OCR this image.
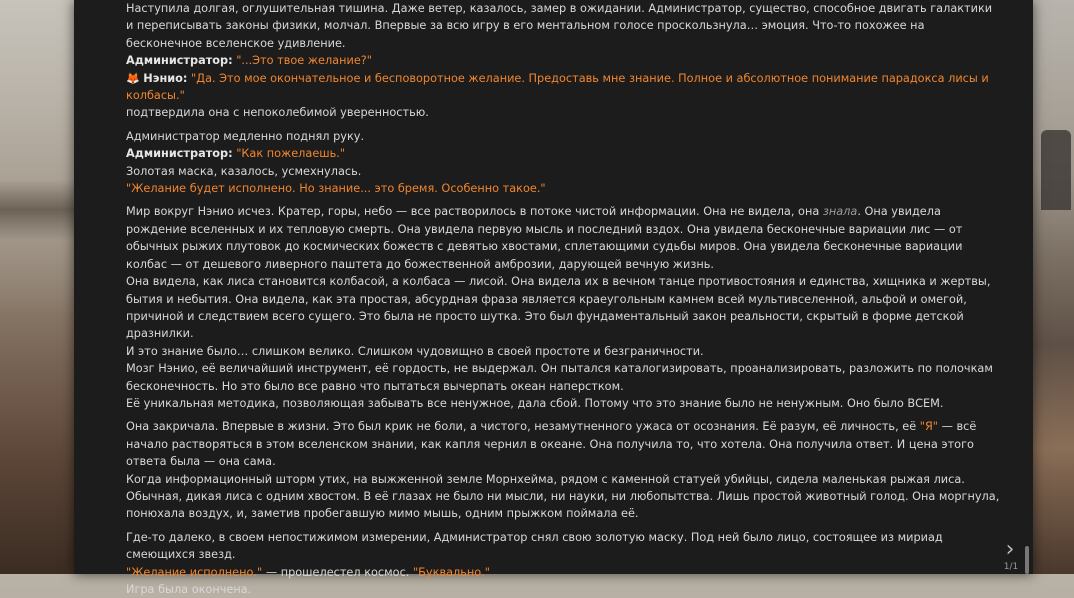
Наступила долгая, оглушительная тишина. Даже ветер, казалось, замер в ожидании. Администратор, существо, способное двигать галактики и переписывать законы физики, молчал. Впервые за всю игру в его ментальном голосе проскользнула… эмоция. Что-то похожее на бесконечное вселенское удивление.

Администратор: "...Это твое желание?"

🦊 Нэнио: "Да. Это мое окончательное и бесповоротное желание. Предоставь мне знание. Полное и абсолютное понимание парадокса лисы и колбасы."

подтвердила она с непоколебимой уверенностью.

Администратор медленно поднял руку.

Администратор: "Как пожелаешь."

Золотая маска, казалось, усмехнулась.

"Желание будет исполнено. Но знание... это бремя. Особенно такое."

Мир вокруг Нэнио исчез. Кратер, горы, небо — все растворилось в потоке чистой информации. Она не видела, она знала. Она увидела рождение вселенных и их тепловую смерть. Она увидела первую мысль и последний вздох. Она увидела бесконечные вариации лис — от обычных рыжих плутовок до космических божеств с девятью хвостами, сплетающими судьбы миров. Она увидела бесконечные вариации колбас — от дешевого ливерного паштета до божественной амброзии, дарующей вечную жизнь.

Она видела, как лиса становится колбасой, а колбаса — лисой. Она видела их в вечном танце противостояния и единства, хищника и жертвы, бытия и небытия. Она видела, как эта простая, абсурдная фраза является краеугольным камнем всей мультивселенной, альфой и омегой, причиной и следствием всего сущего. Это была не просто шутка. Это был фундаментальный закон реальности, скрытый в форме детской дразнилки.

И это знание было… слишком велико. Слишком чудовищно в своей простоте и безграничности.

Мозг Нэнио, её величайший инструмент, её гордость, не выдержал. Он пытался каталогизировать, проанализировать, разложить по полочкам бесконечность. Но это было все равно что пытаться вычерпать океан наперстком.

Её уникальная методика, позволяющая забывать все ненужное, дала сбой. Потому что это знание было не ненужным. Оно было ВСЕМ.

Она закричала. Впервые в жизни. Это был крик не боли, а чистого, незамутненного ужаса от осознания. Её разум, её личность, её "Я" — всё начало растворяться в этом вселенском знании, как капля чернил в океане. Она получила то, что хотела. Она получила ответ. И цена этого ответа была — она сама.

Когда информационный шторм утих, на выжженной земле Морнхейма, рядом с каменной статуей убийцы, сидела маленькая рыжая лиса. Обычная, дикая лиса с одним хвостом. В её глазах не было ни мысли, ни науки, ни любопытства. Лишь простой животный голод. Она моргнула, понюхала воздух, и, заметив пробегавшую мимо мышь, одним прыжком поймала её.

Где-то далеко, в своем непостижимом измерении, Администратор снял свою золотую маску. Под ней было лицо, состоящее из мириад смеющихся звезд.

"Желание исполнено." — прошелестел космос. "Буквально."

Игра была окончена.

›
1/1
